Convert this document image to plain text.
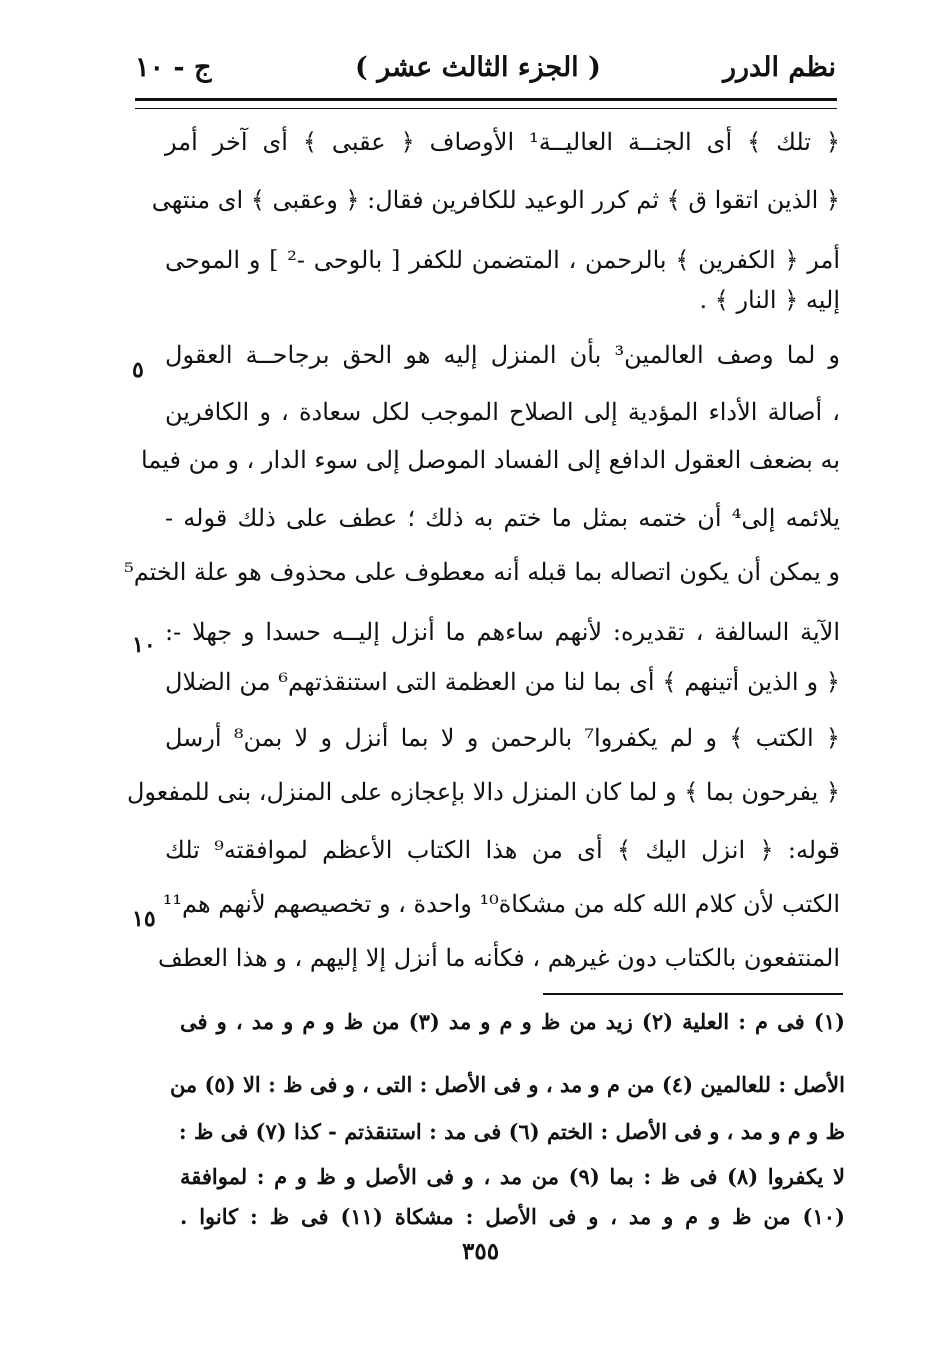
نظم الدرر
( الجزء الثالث عشر )
ج - ١٠
﴿ تلك ﴾ أى الجنــة العاليــة¹ الأوصاف ﴿ عقبى ﴾ أى آخر أمر
﴿ الذين اتقوا ق ﴾ ثم كرر الوعيد للكافرين فقال: ﴿ وعقبى ﴾ اى منتهى
أمر ﴿ الكفرين ﴾ بالرحمن ، المتضمن للكفر [ بالوحى -² ] و الموحى
إليه ﴿ النار ﴾ .
و لما وصف العالمين³ بأن المنزل إليه هو الحق برجاحــة العقول
، أصالة الأداء المؤدية إلى الصلاح الموجب لكل سعادة ، و الكافرين
به بضعف العقول الدافع إلى الفساد الموصل إلى سوء الدار ، و من فيما
يلائمه إلى⁴ أن ختمه بمثل ما ختم به ذلك ؛ عطف على ذلك قوله -
و يمكن أن يكون اتصاله بما قبله أنه معطوف على محذوف هو علة الختم⁵
الآية السالفة ، تقديره: لأنهم ساءهم ما أنزل إليــه حسدا و جهلا -:
﴿ و الذين أتينهم ﴾ أى بما لنا من العظمة التى استنقذتهم⁶ من الضلال
﴿ الكتب ﴾ و لم يكفروا⁷ بالرحمن و لا بما أنزل و لا بمن⁸ أرسل
﴿ يفرحون بما ﴾ و لما كان المنزل دالا بإعجازه على المنزل، بنى للمفعول
قوله: ﴿ انزل اليك ﴾ أى من هذا الكتاب الأعظم لموافقته⁹ تلك
الكتب لأن كلام الله كله من مشكاة¹⁰ واحدة ، و تخصيصهم لأنهم هم¹¹
المنتفعون بالكتاب دون غيرهم ، فكأنه ما أنزل إلا إليهم ، و هذا العطف
٥
١٠
١٥
(١) فى م : العلية (٢) زيد من ظ و م و مد (٣) من ظ و م و مد ، و فى
الأصل : للعالمين (٤) من م و مد ، و فى الأصل : التى ، و فى ظ : الا (٥) من
ظ و م و مد ، و فى الأصل : الختم (٦) فى مد : استنقذتم - كذا (٧) فى ظ :
لا يكفروا (٨) فى ظ : بما (٩) من مد ، و فى الأصل و ظ و م : لموافقة
(١٠) من ظ و م و مد ، و فى الأصل : مشكاة (١١) فى ظ : كانوا .
٣٥٥
